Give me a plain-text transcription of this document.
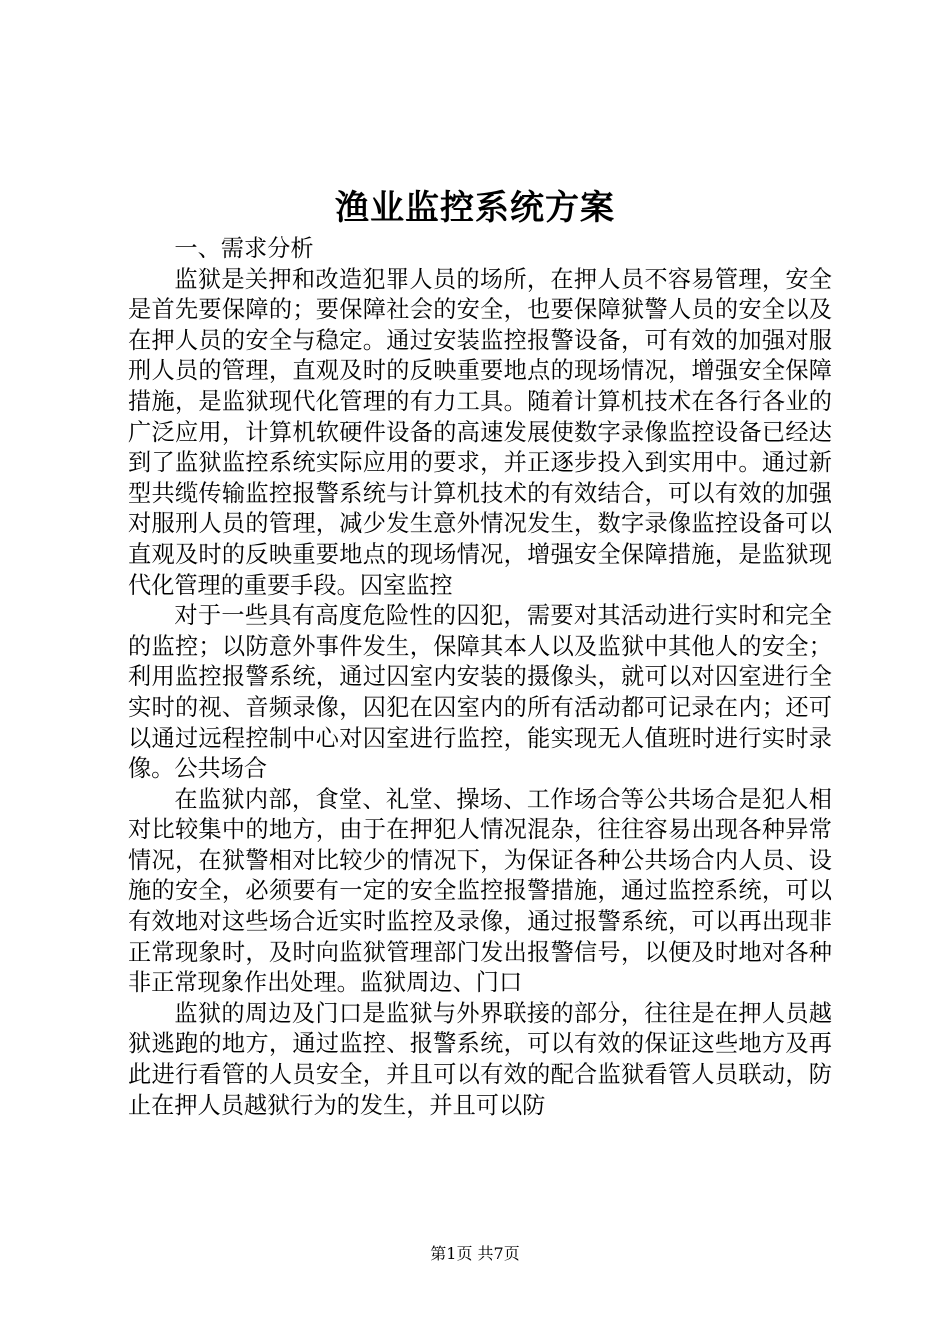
渔业监控系统方案

一、需求分析

监狱是关押和改造犯罪人员的场所，在押人员不容易管理，安全是首先要保障的；要保障社会的安全，也要保障狱警人员的安全以及在押人员的安全与稳定。通过安装监控报警设备，可有效的加强对服刑人员的管理，直观及时的反映重要地点的现场情况，增强安全保障措施，是监狱现代化管理的有力工具。随着计算机技术在各行各业的广泛应用，计算机软硬件设备的高速发展使数字录像监控设备已经达到了监狱监控系统实际应用的要求，并正逐步投入到实用中。通过新型共缆传输监控报警系统与计算机技术的有效结合，可以有效的加强对服刑人员的管理，减少发生意外情况发生，数字录像监控设备可以直观及时的反映重要地点的现场情况，增强安全保障措施，是监狱现代化管理的重要手段。囚室监控

对于一些具有高度危险性的囚犯，需要对其活动进行实时和完全的监控；以防意外事件发生，保障其本人以及监狱中其他人的安全；利用监控报警系统，通过囚室内安装的摄像头，就可以对囚室进行全实时的视、音频录像，囚犯在囚室内的所有活动都可记录在内；还可以通过远程控制中心对囚室进行监控，能实现无人值班时进行实时录像。公共场合

在监狱内部，食堂、礼堂、操场、工作场合等公共场合是犯人相对比较集中的地方，由于在押犯人情况混杂，往往容易出现各种异常情况，在狱警相对比较少的情况下，为保证各种公共场合内人员、设施的安全，必须要有一定的安全监控报警措施，通过监控系统，可以有效地对这些场合近实时监控及录像，通过报警系统，可以再出现非正常现象时，及时向监狱管理部门发出报警信号，以便及时地对各种非正常现象作出处理。监狱周边、门口

监狱的周边及门口是监狱与外界联接的部分，往往是在押人员越狱逃跑的地方，通过监控、报警系统，可以有效的保证这些地方及再此进行看管的人员安全，并且可以有效的配合监狱看管人员联动，防止在押人员越狱行为的发生，并且可以防

第1页 共7页
